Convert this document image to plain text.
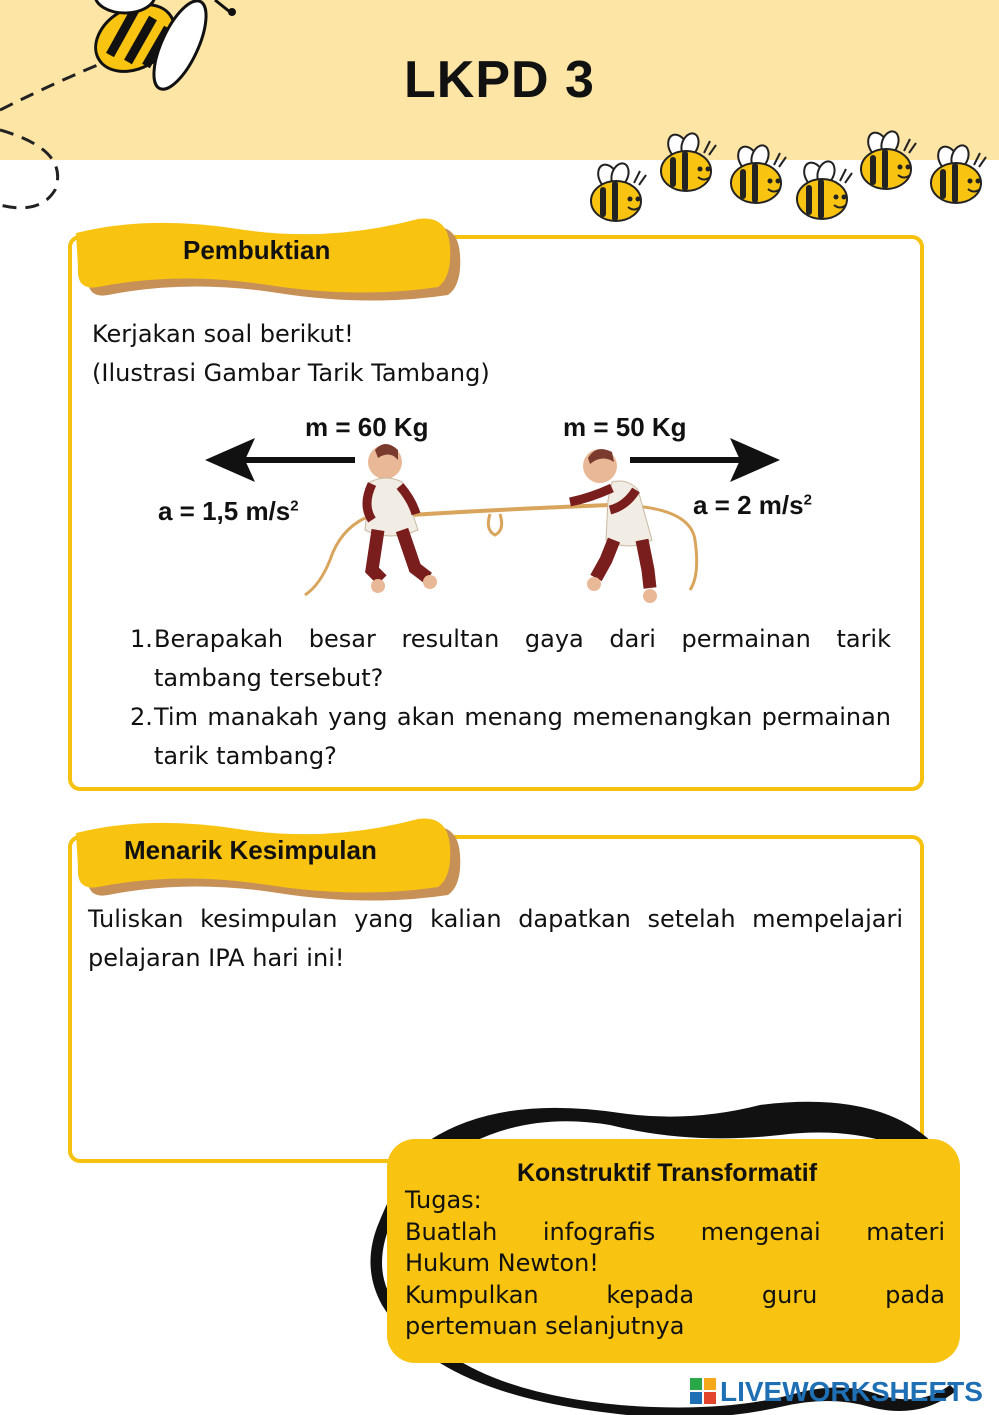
LKPD 3
Pembuktian
Kerjakan soal berikut!
(Ilustrasi Gambar Tarik Tambang)
m = 60 Kg	m = 50 Kg
a = 1,5 $m/s^2$	a = 2 $m/s^2$
1. Berapakah besar resultan gaya dari permainan tarik tambang tersebut?
2. Tim manakah yang akan menang memenangkan permainan tarik tambang?
Menarik Kesimpulan
Tuliskan kesimpulan yang kalian dapatkan setelah mempelajari pelajaran IPA hari ini!
Konstruktif Transformatif
Tugas:
Buatlah infografis mengenai materi
Hukum Newton!
Kumpulkan kepada guru pada
pertemuan selanjutnya
LIVEWORKSHEETS
